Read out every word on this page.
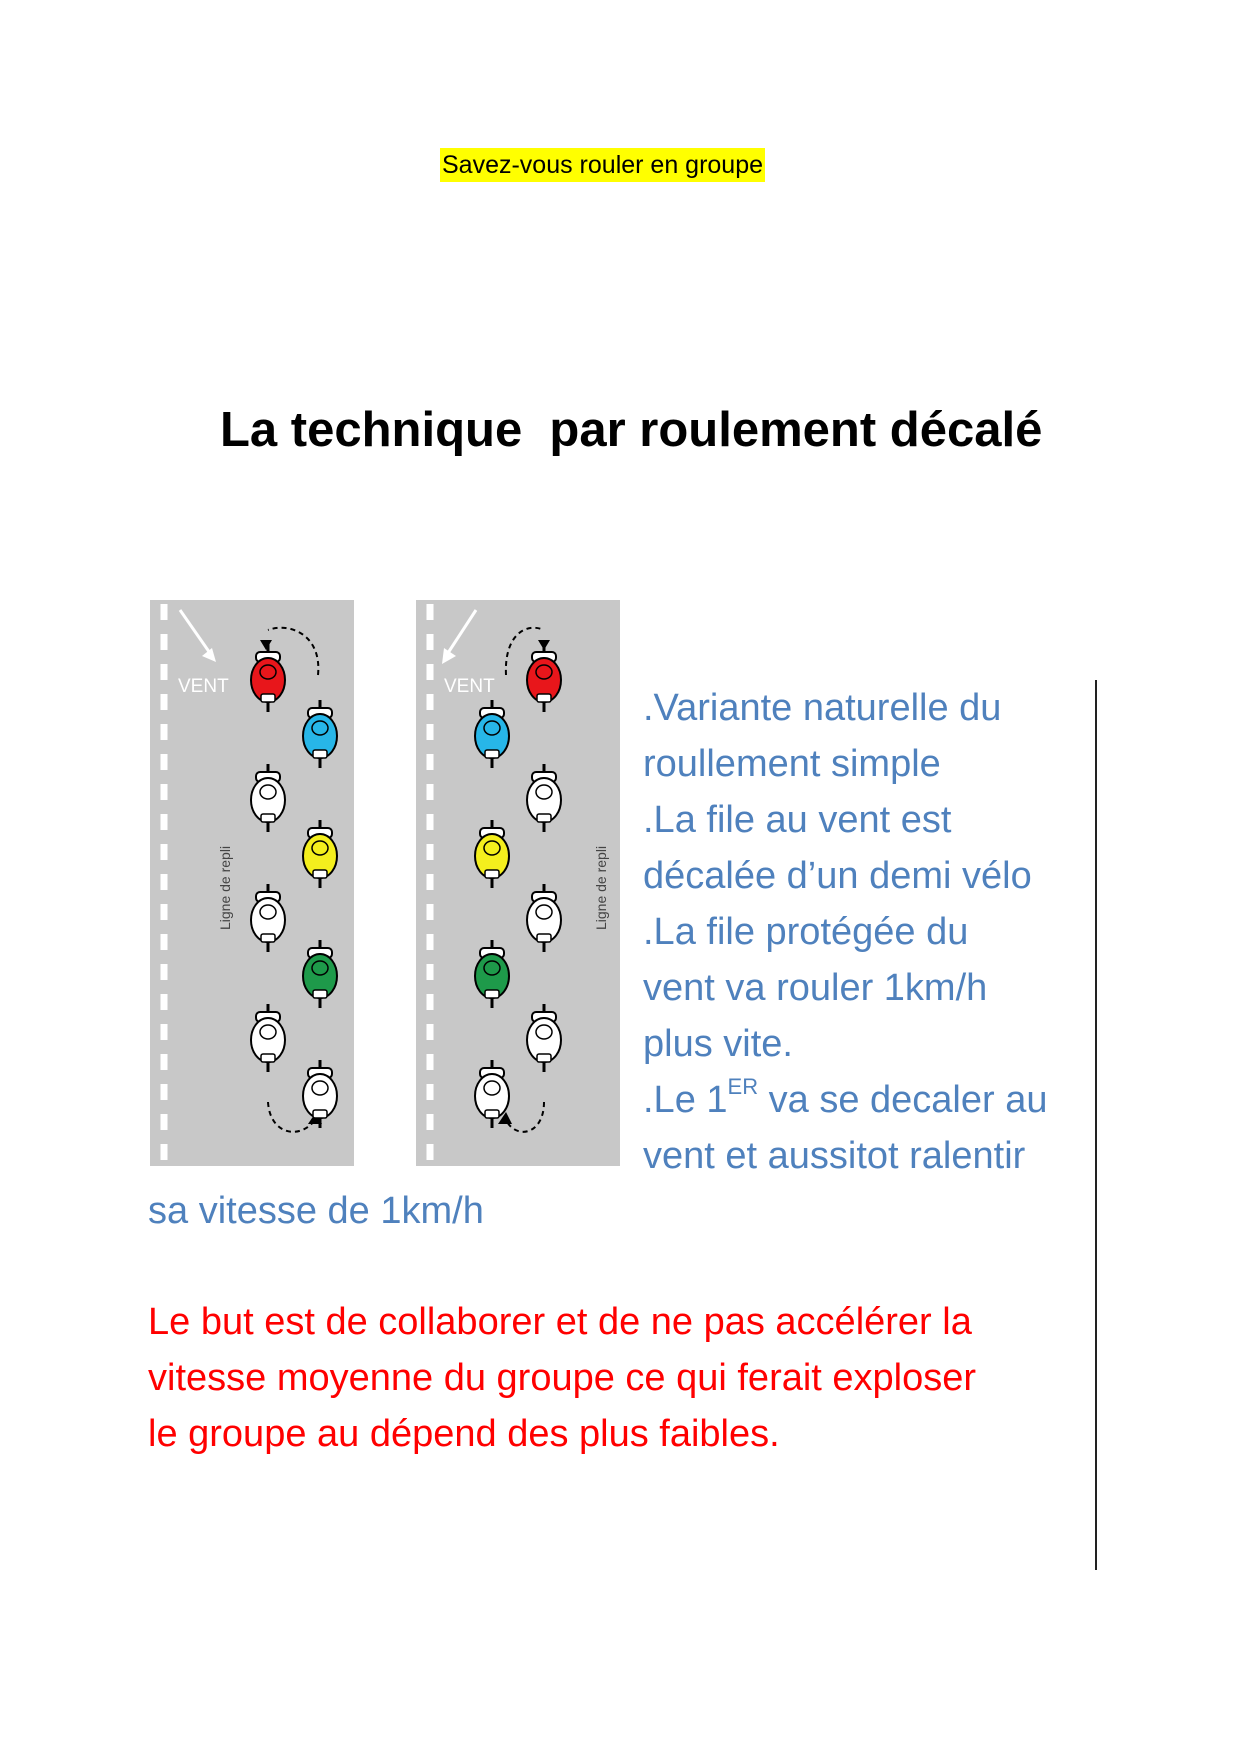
Savez-vous rouler en groupe
La technique  par roulement décalé
VENT
Ligne de repli
VENT
Ligne de repli
.Variante naturelle du
roullement simple
.La file au vent est
décalée d’un demi vélo
.La file protégée du
vent va rouler 1km/h
plus vite.
.Le 1ER va se decaler au
vent et aussitot ralentir
sa vitesse de 1km/h
Le but est de collaborer et de ne pas accélérer la
vitesse moyenne du groupe ce qui ferait exploser
le groupe au dépend des plus faibles.
